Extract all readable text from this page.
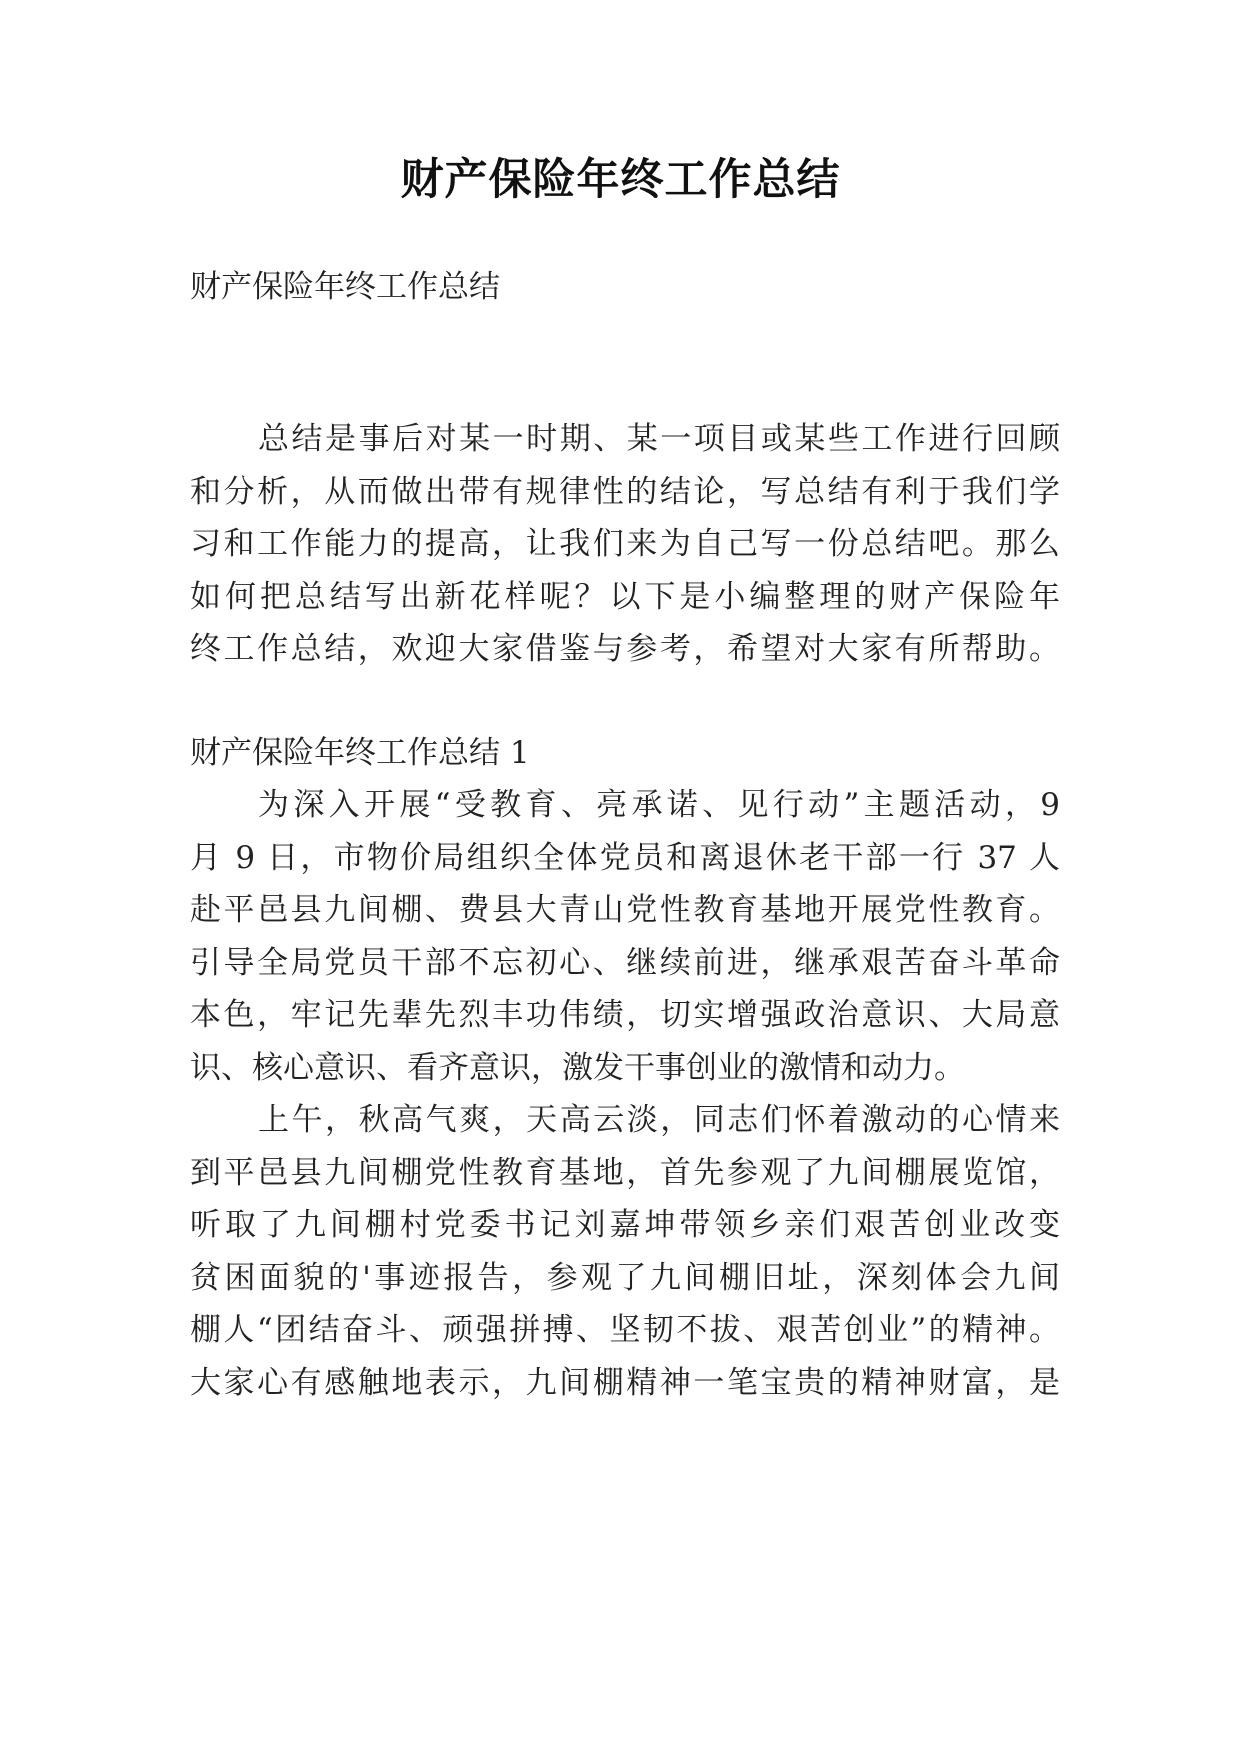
财产保险年终工作总结

财产保险年终工作总结

总结是事后对某一时期、某一项目或某些工作进行回顾

和分析，从而做出带有规律性的结论，写总结有利于我们学

习和工作能力的提高，让我们来为自己写一份总结吧。那么

如何把总结写出新花样呢？以下是小编整理的财产保险年

终工作总结，欢迎大家借鉴与参考，希望对大家有所帮助。

财产保险年终工作总结 1

为深入开展“受教育、亮承诺、见行动”主题活动，9

月 9 日，市物价局组织全体党员和离退休老干部一行 37 人

赴平邑县九间棚、费县大青山党性教育基地开展党性教育。

引导全局党员干部不忘初心、继续前进，继承艰苦奋斗革命

本色，牢记先辈先烈丰功伟绩，切实增强政治意识、大局意

识、核心意识、看齐意识，激发干事创业的激情和动力。

上午，秋高气爽，天高云淡，同志们怀着激动的心情来

到平邑县九间棚党性教育基地，首先参观了九间棚展览馆，

听取了九间棚村党委书记刘嘉坤带领乡亲们艰苦创业改变

贫困面貌的'事迹报告，参观了九间棚旧址，深刻体会九间

棚人“团结奋斗、顽强拼搏、坚韧不拔、艰苦创业”的精神。

大家心有感触地表示，九间棚精神一笔宝贵的精神财富，是
